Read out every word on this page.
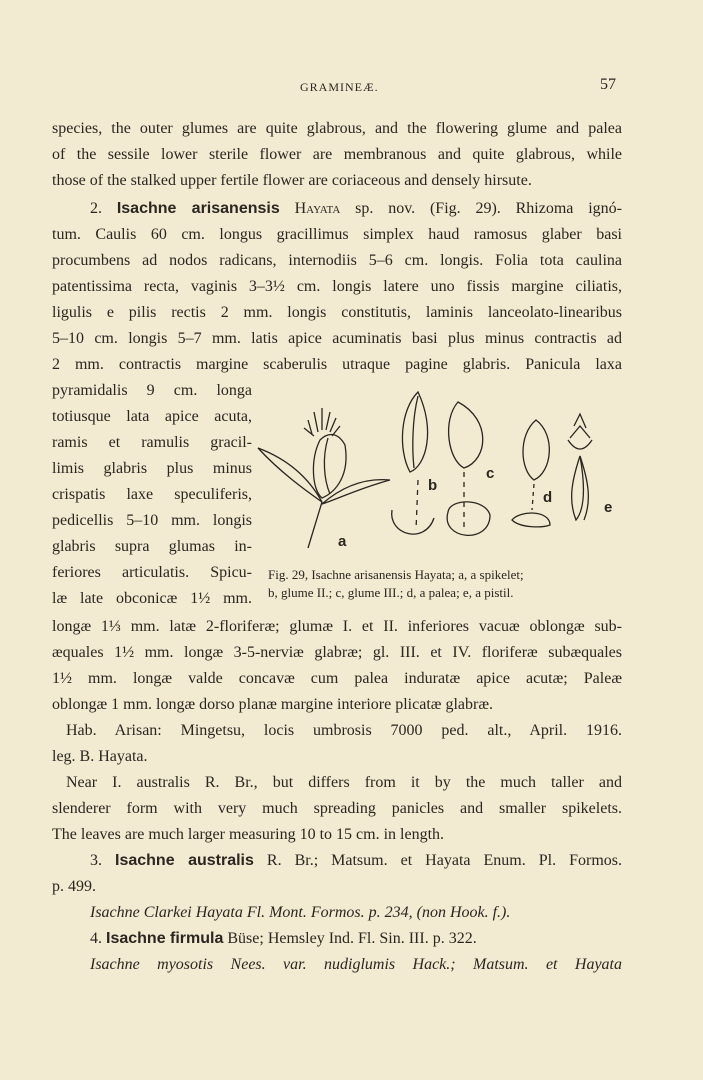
GRAMINEÆ.	57
species, the outer glumes are quite glabrous, and the flowering glume and palea
of the sessile lower sterile flower are membranous and quite glabrous, while
those of the stalked upper fertile flower are coriaceous and densely hirsute.
2. Isachne arisanensis Hayata sp. nov. (Fig. 29). Rhizoma ignó-
tum. Caulis 60 cm. longus gracillimus simplex haud ramosus glaber basi
procumbens ad nodos radicans, internodiis 5–6 cm. longis. Folia tota caulina
patentissima recta, vaginis 3–3½ cm. longis latere uno fissis margine ciliatis,
ligulis e pilis rectis 2 mm. longis constitutis, laminis lanceolato-linearibus
5–10 cm. longis 5–7 mm. latis apice acuminatis basi plus minus contractis ad
2 mm. contractis margine scaberulis utraque pagine glabris. Panicula laxa
pyramidalis 9 cm. longa
totiusque lata apice acuta,
ramis et ramulis gracil-
limis glabris plus minus
crispatis laxe speculiferis,
pedicellis 5–10 mm. longis
glabris supra glumas in-
feriores articulatis. Spicu-
læ late obconicæ 1½ mm.
a
b
c
d
e
Fig. 29, Isachne arisanensis Hayata; a, a spikelet;
b, glume II.; c, glume III.; d, a palea; e, a pistil.
longæ 1⅓ mm. latæ 2-floriferæ; glumæ I. et II. inferiores vacuæ oblongæ sub-
æquales 1½ mm. longæ 3-5-nerviæ glabræ; gl. III. et IV. floriferæ subæquales
1½ mm. longæ valde concavæ cum palea induratæ apice acutæ; Paleæ
oblongæ 1 mm. longæ dorso planæ margine interiore plicatæ glabræ.
Hab. Arisan: Mingetsu, locis umbrosis 7000 ped. alt., April. 1916.
leg. B. Hayata.
Near I. australis R. Br., but differs from it by the much taller and
slenderer form with very much spreading panicles and smaller spikelets.
The leaves are much larger measuring 10 to 15 cm. in length.
3. Isachne australis R. Br.; Matsum. et Hayata Enum. Pl. Formos.
p. 499.
Isachne Clarkei Hayata Fl. Mont. Formos. p. 234, (non Hook. f.).
4. Isachne firmula Büse; Hemsley Ind. Fl. Sin. III. p. 322.
Isachne myosotis Nees. var. nudiglumis Hack.; Matsum. et Hayata
